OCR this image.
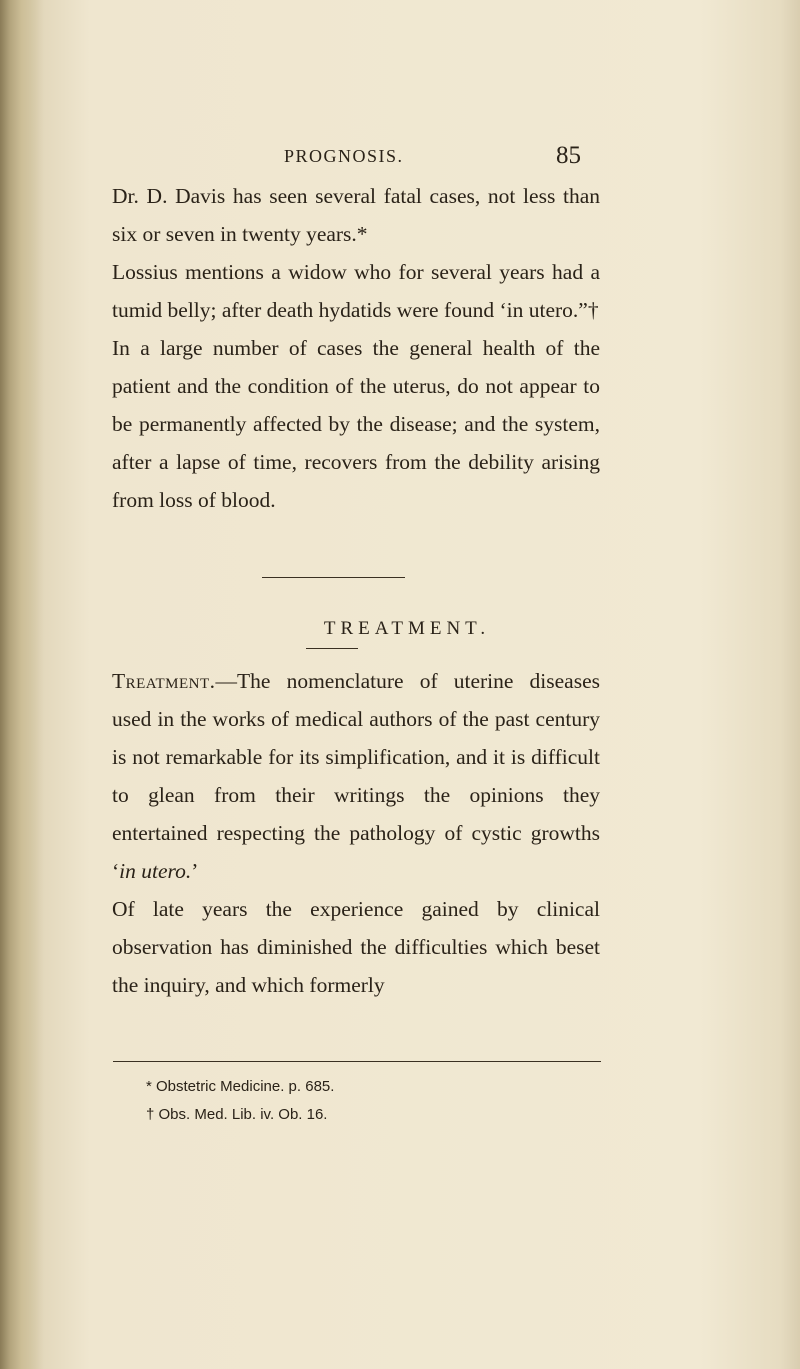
PROGNOSIS.	85

Dr. D. Davis has seen several fatal cases, not less than six or seven in twenty years.*

Lossius mentions a widow who for several years had a tumid belly; after death hydatids were found ‘in utero.”†

In a large number of cases the general health of the patient and the condition of the uterus, do not appear to be permanently affected by the disease; and the system, after a lapse of time, recovers from the debility arising from loss of blood.

TREATMENT.

Treatment.—The nomenclature of uterine diseases used in the works of medical authors of the past century is not remarkable for its simplification, and it is difficult to glean from their writings the opinions they entertained respecting the pathology of cystic growths ‘in utero.’

Of late years the experience gained by clinical observation has diminished the difficulties which beset the inquiry, and which formerly

* Obstetric Medicine. p. 685.
† Obs. Med. Lib. iv. Ob. 16.
